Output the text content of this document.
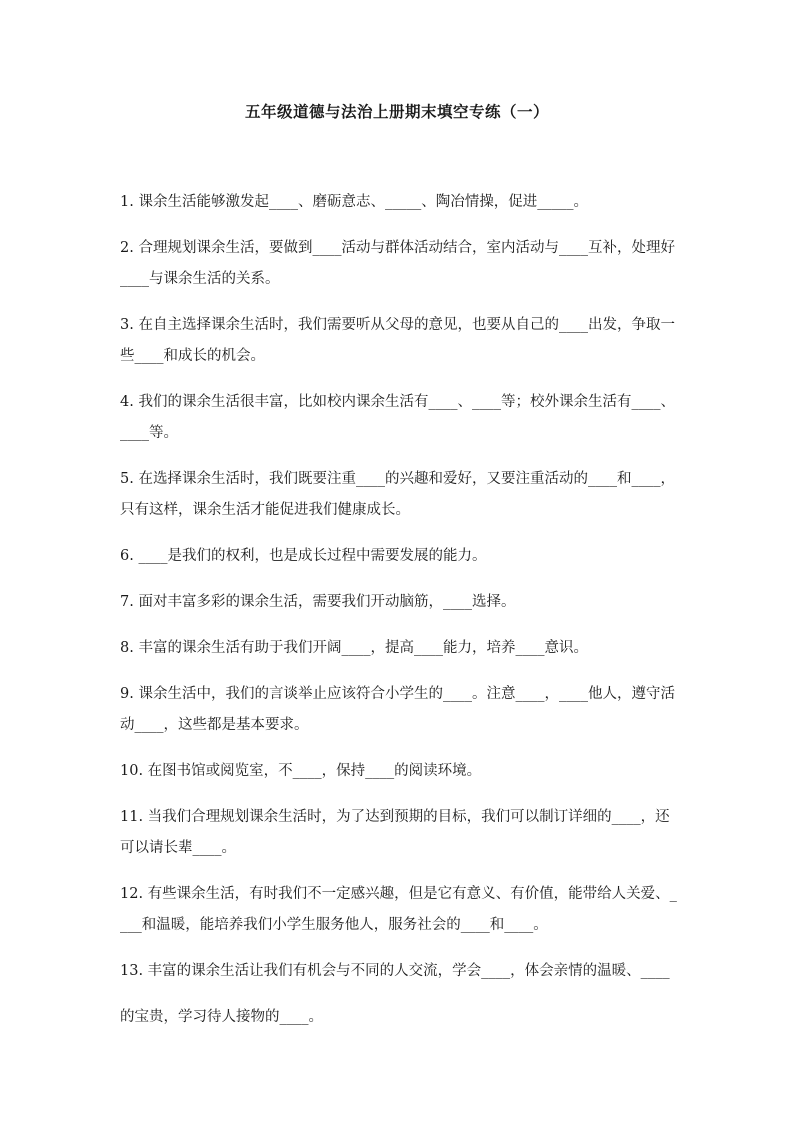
五年级道德与法治上册期末填空专练（一）

1. 课余生活能够激发起____、磨砺意志、_____、陶冶情操，促进_____。

2. 合理规划课余生活，要做到____活动与群体活动结合，室内活动与____互补，处理好____与课余生活的关系。

3. 在自主选择课余生活时，我们需要听从父母的意见，也要从自己的____出发，争取一些____和成长的机会。

4. 我们的课余生活很丰富，比如校内课余生活有____、____等；校外课余生活有____、____等。

5. 在选择课余生活时，我们既要注重____的兴趣和爱好，又要注重活动的____和____，只有这样，课余生活才能促进我们健康成长。

6. ____是我们的权利，也是成长过程中需要发展的能力。

7. 面对丰富多彩的课余生活，需要我们开动脑筋，____选择。

8. 丰富的课余生活有助于我们开阔____，提高____能力，培养____意识。

9. 课余生活中，我们的言谈举止应该符合小学生的____。注意____，____他人，遵守活动____，这些都是基本要求。

10. 在图书馆或阅览室，不____，保持____的阅读环境。

11. 当我们合理规划课余生活时，为了达到预期的目标，我们可以制订详细的____，还可以请长辈____。

12. 有些课余生活，有时我们不一定感兴趣，但是它有意义、有价值，能带给人关爱、____和温暖，能培养我们小学生服务他人，服务社会的____和____。

13. 丰富的课余生活让我们有机会与不同的人交流，学会____，体会亲情的温暖、____的宝贵，学习待人接物的____。
